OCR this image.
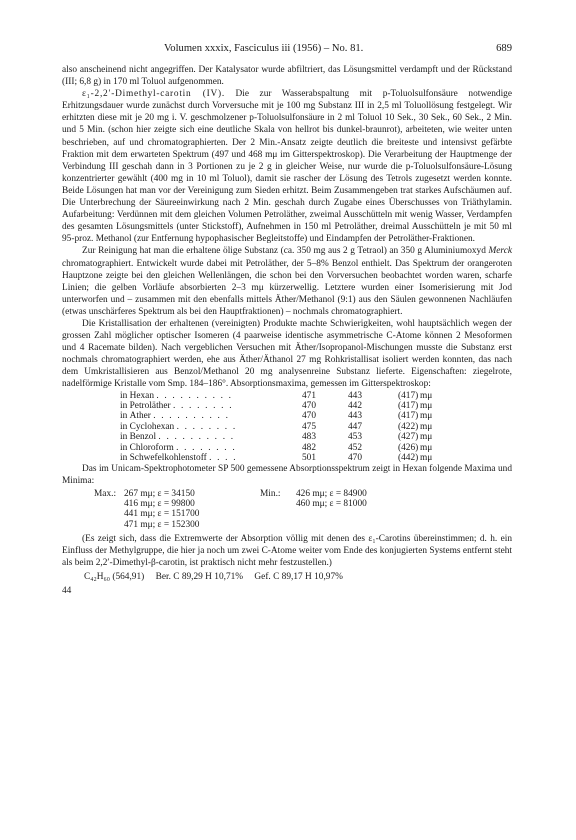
Volumen xxxix, Fasciculus iii (1956) – No. 81.	689

also anscheinend nicht angegriffen. Der Katalysator wurde abfiltriert, das Lösungsmittel verdampft und der Rückstand (III; 6,8 g) in 170 ml Toluol aufgenommen.

ε₁-2,2′-Dimethyl-carotin (IV). Die zur Wasserabspaltung mit p-Toluolsulfonsäure notwendige Erhitzungsdauer wurde zunächst durch Vorversuche mit je 100 mg Substanz III in 2,5 ml Toluollösung festgelegt. Wir erhitzten diese mit je 20 mg i. V. geschmolzener p-Toluolsulfonsäure in 2 ml Toluol 10 Sek., 30 Sek., 60 Sek., 2 Min. und 5 Min. (schon hier zeigte sich eine deutliche Skala von hellrot bis dunkel-braunrot), arbeiteten, wie weiter unten beschrieben, auf und chromatographierten. Der 2 Min.-Ansatz zeigte deutlich die breiteste und intensivst gefärbte Fraktion mit dem erwarteten Spektrum (497 und 468 mμ im Gitterspektroskop). Die Verarbeitung der Hauptmenge der Verbindung III geschah dann in 3 Portionen zu je 2 g in gleicher Weise, nur wurde die p-Toluolsulfonsäure-Lösung konzentrierter gewählt (400 mg in 10 ml Toluol), damit sie rascher der Lösung des Tetrols zugesetzt werden konnte. Beide Lösungen hat man vor der Vereinigung zum Sieden erhitzt. Beim Zusammengeben trat starkes Aufschäumen auf. Die Unterbrechung der Säureeinwirkung nach 2 Min. geschah durch Zugabe eines Überschusses von Triäthylamin. Aufarbeitung: Verdünnen mit dem gleichen Volumen Petroläther, zweimal Ausschütteln mit wenig Wasser, Verdampfen des gesamten Lösungsmittels (unter Stickstoff), Aufnehmen in 150 ml Petroläther, dreimal Ausschütteln je mit 50 ml 95-proz. Methanol (zur Entfernung hypophasischer Begleitstoffe) und Eindampfen der Petroläther-Fraktionen.

Zur Reinigung hat man die erhaltene ölige Substanz (ca. 350 mg aus 2 g Tetraol) an 350 g Aluminiumoxyd Merck chromatographiert. Entwickelt wurde dabei mit Petroläther, der 5–8% Benzol enthielt. Das Spektrum der orangeroten Hauptzone zeigte bei den gleichen Wellenlängen, die schon bei den Vorversuchen beobachtet worden waren, scharfe Linien; die gelben Vorläufe absorbierten 2–3 mμ kürzerwellig. Letztere wurden einer Isomerisierung mit Jod unterworfen und – zusammen mit den ebenfalls mittels Äther/Methanol (9:1) aus den Säulen gewonnenen Nachläufen (etwas unschärferes Spektrum als bei den Hauptfraktionen) – nochmals chromatographiert.

Die Kristallisation der erhaltenen (vereinigten) Produkte machte Schwierigkeiten, wohl hauptsächlich wegen der grossen Zahl möglicher optischer Isomeren (4 paarweise identische asymmetrische C-Atome können 2 Mesoformen und 4 Racemate bilden). Nach vergeblichen Versuchen mit Äther/Isopropanol-Mischungen musste die Substanz erst nochmals chromatographiert werden, ehe aus Äther/Äthanol 27 mg Rohkristallisat isoliert werden konnten, das nach dem Umkristallisieren aus Benzol/Methanol 20 mg analysenreine Substanz lieferte. Eigenschaften: ziegelrote, nadelförmige Kristalle vom Smp. 184–186°. Absorptionsmaxima, gemessen im Gitterspektroskop:

in Hexan . . . . . . . . . .	471	443	(417)	mμ
in Petroläther . . . . . . . .	470	442	(417)	mμ
in Äther . . . . . . . . . .	470	443	(417)	mμ
in Cyclohexan . . . . . . . .	475	447	(422)	mμ
in Benzol . . . . . . . . . .	483	453	(427)	mμ
in Chloroform . . . . . . . .	482	452	(426)	mμ
in Schwefelkohlenstoff . . . .	501	470	(442)	mμ

Das im Unicam-Spektrophotometer SP 500 gemessene Absorptionsspektrum zeigt in Hexan folgende Maxima und Minima:

Max.: 267 mμ; ε = 34150
416 mμ; ε = 99800
441 mμ; ε = 151700
471 mμ; ε = 152300
Min.:	426 mμ; ε = 84900
460 mμ; ε = 81000

(Es zeigt sich, dass die Extremwerte der Absorption völlig mit denen des ε₁-Carotins übereinstimmen; d. h. ein Einfluss der Methylgruppe, die hier ja noch um zwei C-Atome weiter vom Ende des konjugierten Systems entfernt steht als beim 2,2′-Dimethyl-β-carotin, ist praktisch nicht mehr festzustellen.)

C₄₂H₆₀ (564,91) Ber. C 89,29 H 10,71% Gef. C 89,17 H 10,97%
44
